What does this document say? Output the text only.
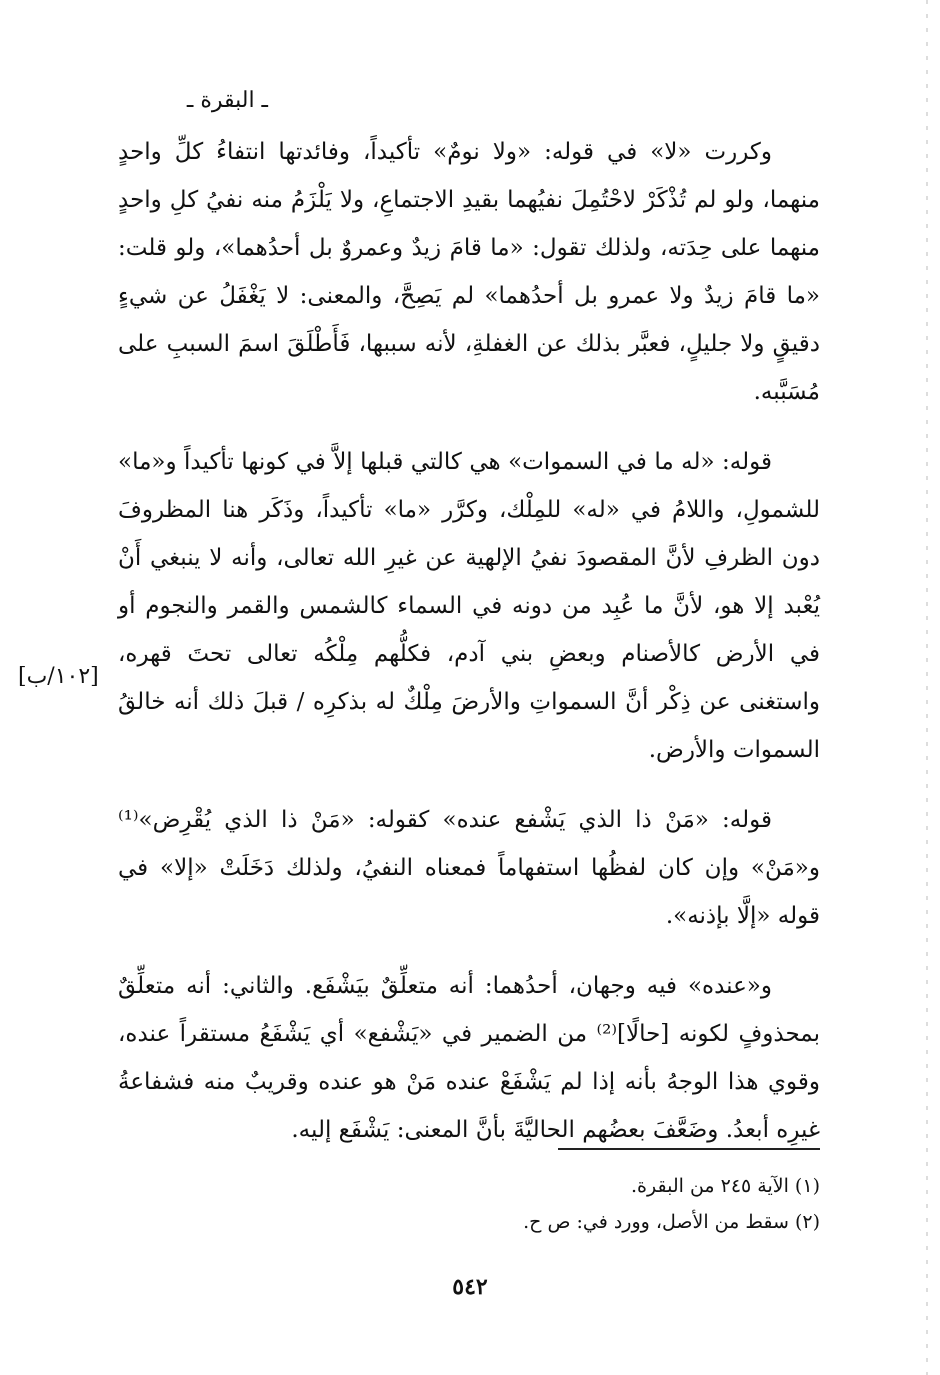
ـ البقرة ـ

وكررت «لا» في قوله: «ولا نومٌ» تأكيداً، وفائدتها انتفاءُ كلِّ واحدٍ منهما، ولو لم تُذْكَرْ لاحْتُمِلَ نفيُهما بقيدِ الاجتماعِ، ولا يَلْزَمُ منه نفيُ كلِ واحدٍ منهما على حِدَته، ولذلك تقول: «ما قامَ زيدٌ وعمروٌ بل أحدُهما»، ولو قلت: «ما قامَ زيدٌ ولا عمرو بل أحدُهما» لم يَصِحَّ، والمعنى: لا يَغْفَلُ عن شيءٍ دقيقٍ ولا جليلٍ، فعبَّر بذلك عن الغفلةِ، لأنه سببها، فَأَطْلَقَ اسمَ السببِ على مُسَبَّبه.

قوله: «له ما في السموات» هي كالتي قبلها إلاَّ في كونها تأكيداً و«ما» للشمولِ، واللامُ في «له» للمِلْك، وكرَّر «ما» تأكيداً، وذَكَر هنا المظروفَ دون الظرفِ لأنَّ المقصودَ نفيُ الإلهية عن غيرِ الله تعالى، وأنه لا ينبغي أَنْ يُعْبد إلا هو، لأنَّ ما عُبِد من دونه في السماء كالشمس والقمر والنجوم أو في الأرض كالأصنام وبعضِ بني آدم، فكلُّهم مِلْكُه تعالى تحتَ قهره، واستغنى عن ذِكْر أنَّ السمواتِ والأرضَ مِلْكٌ له بذكرِه / قبلَ ذلك أنه خالقُ السموات والأرض.

قوله: «مَنْ ذا الذي يَشْفع عنده» كقوله: «مَنْ ذا الذي يُقْرِض»⁽¹⁾ و«مَنْ» وإن كان لفظُها استفهاماً فمعناه النفيُ، ولذلك دَخَلَتْ «إلا» في قوله «إلَّا بإذنه».

و«عنده» فيه وجهان، أحدُهما: أنه متعلِّقٌ بيَشْفَع. والثاني: أنه متعلِّقٌ بمحذوفٍ لكونه [حالًا]⁽²⁾ من الضمير في «يَشْفع» أي يَشْفَعُ مستقراً عنده، وقوي هذا الوجهُ بأنه إذا لم يَشْفَعْ عنده مَنْ هو عنده وقريبٌ منه فشفاعةُ غيرِه أبعدُ. وضَعَّفَ بعضُهم الحاليَّةَ بأنَّ المعنى: يَشْفَع إليه.

[١٠٢/ب]

(١) الآية ٢٤٥ من البقرة.

(٢) سقط من الأصل، وورد في: ص ح.

٥٤٢
